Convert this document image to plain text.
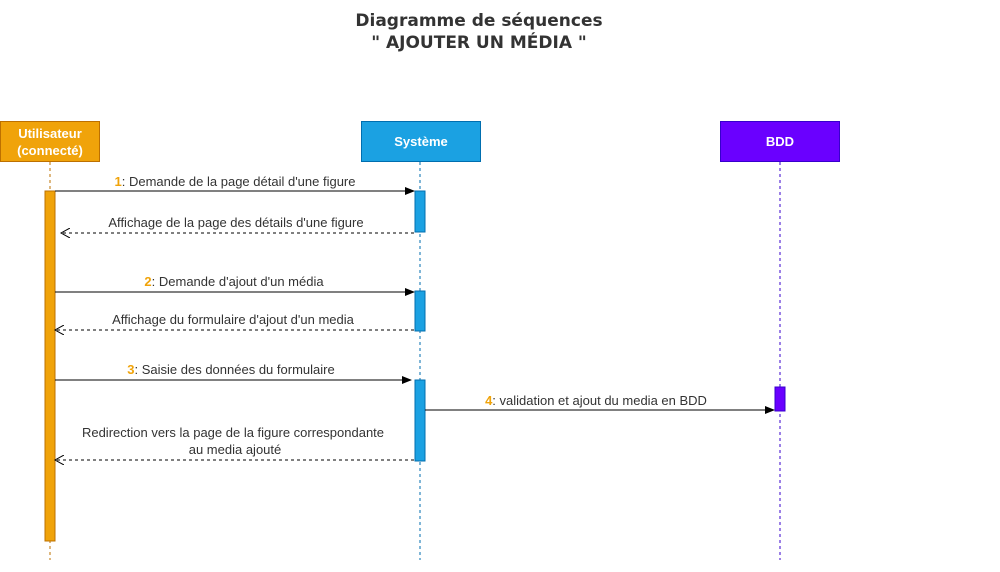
Diagramme de séquences
" AJOUTER UN MÉDIA "
1: Demande de la page détail d'une figure
Affichage de la page des détails d'une figure
2: Demande d'ajout d'un média
Affichage du formulaire d'ajout d'un media
3: Saisie des données du formulaire
4: validation et ajout du media en BDD
Redirection vers la page de la figure correspondante
au media ajouté
Utilisateur
(connecté)
Système	BDD
